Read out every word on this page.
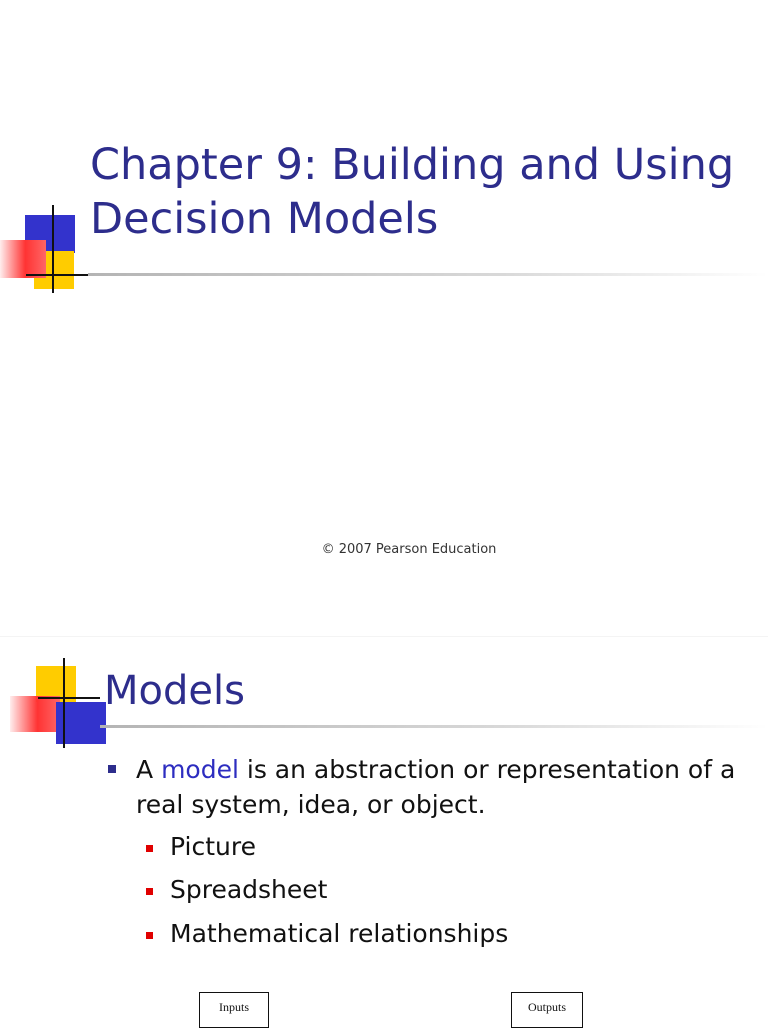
Chapter 9: Building and Using Decision Models
© 2007 Pearson Education
Models
A model is an abstraction or representation of a real system, idea, or object.
Picture
Spreadsheet
Mathematical relationships
Inputs	Outputs
